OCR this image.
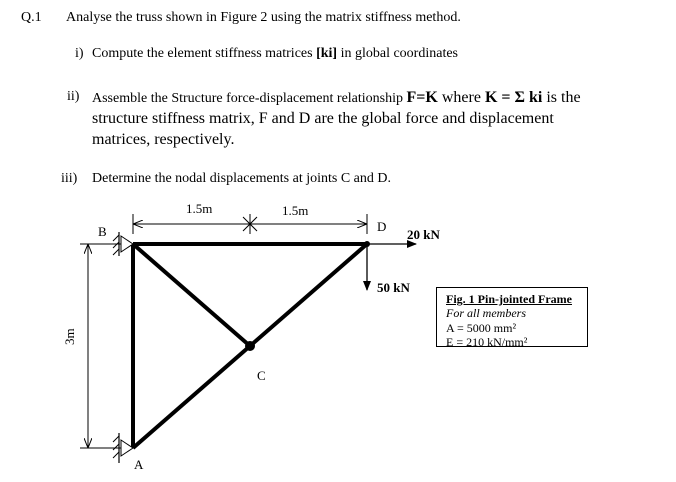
Q.1 Analyse the truss shown in Figure 2 using the matrix stiffness method.
i) Compute the element stiffness matrices [ki] in global coordinates
ii) Assemble the Structure force-displacement relationship F=K where K = Σ ki is the
structure stiffness matrix, F and D are the global force and displacement
matrices, respectively.
iii) Determine the nodal displacements at joints C and D.
1.5m	1.5m
3m
B
A
C
D
20 kN
50 kN
Fig. 1 Pin-jointed Frame
For all members
A = 5000 mm²
E = 210 kN/mm²
